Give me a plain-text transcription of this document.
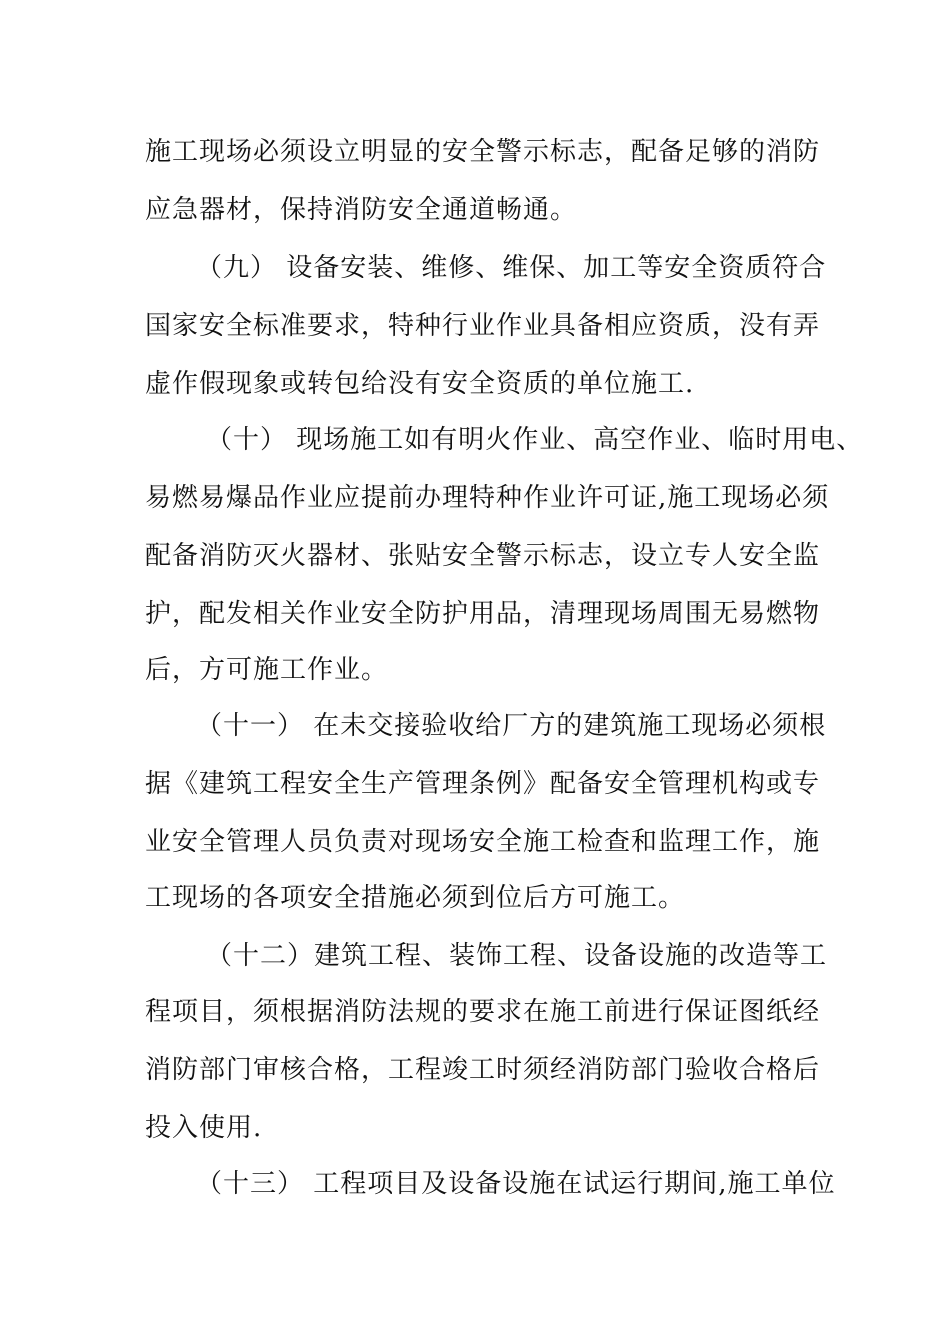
施工现场必须设立明显的安全警示标志，配备足够的消防
应急器材，保持消防安全通道畅通。
（九） 设备安装、维修、维保、加工等安全资质符合
国家安全标准要求，特种行业作业具备相应资质，没有弄
虚作假现象或转包给没有安全资质的单位施工.
（十） 现场施工如有明火作业、高空作业、临时用电、
易燃易爆品作业应提前办理特种作业许可证,施工现场必须
配备消防灭火器材、张贴安全警示标志，设立专人安全监
护，配发相关作业安全防护用品，清理现场周围无易燃物
后，方可施工作业。
（十一） 在未交接验收给厂方的建筑施工现场必须根
据《建筑工程安全生产管理条例》配备安全管理机构或专
业安全管理人员负责对现场安全施工检查和监理工作，施
工现场的各项安全措施必须到位后方可施工。
（十二）建筑工程、装饰工程、设备设施的改造等工
程项目，须根据消防法规的要求在施工前进行保证图纸经
消防部门审核合格，工程竣工时须经消防部门验收合格后
投入使用.
（十三） 工程项目及设备设施在试运行期间,施工单位
